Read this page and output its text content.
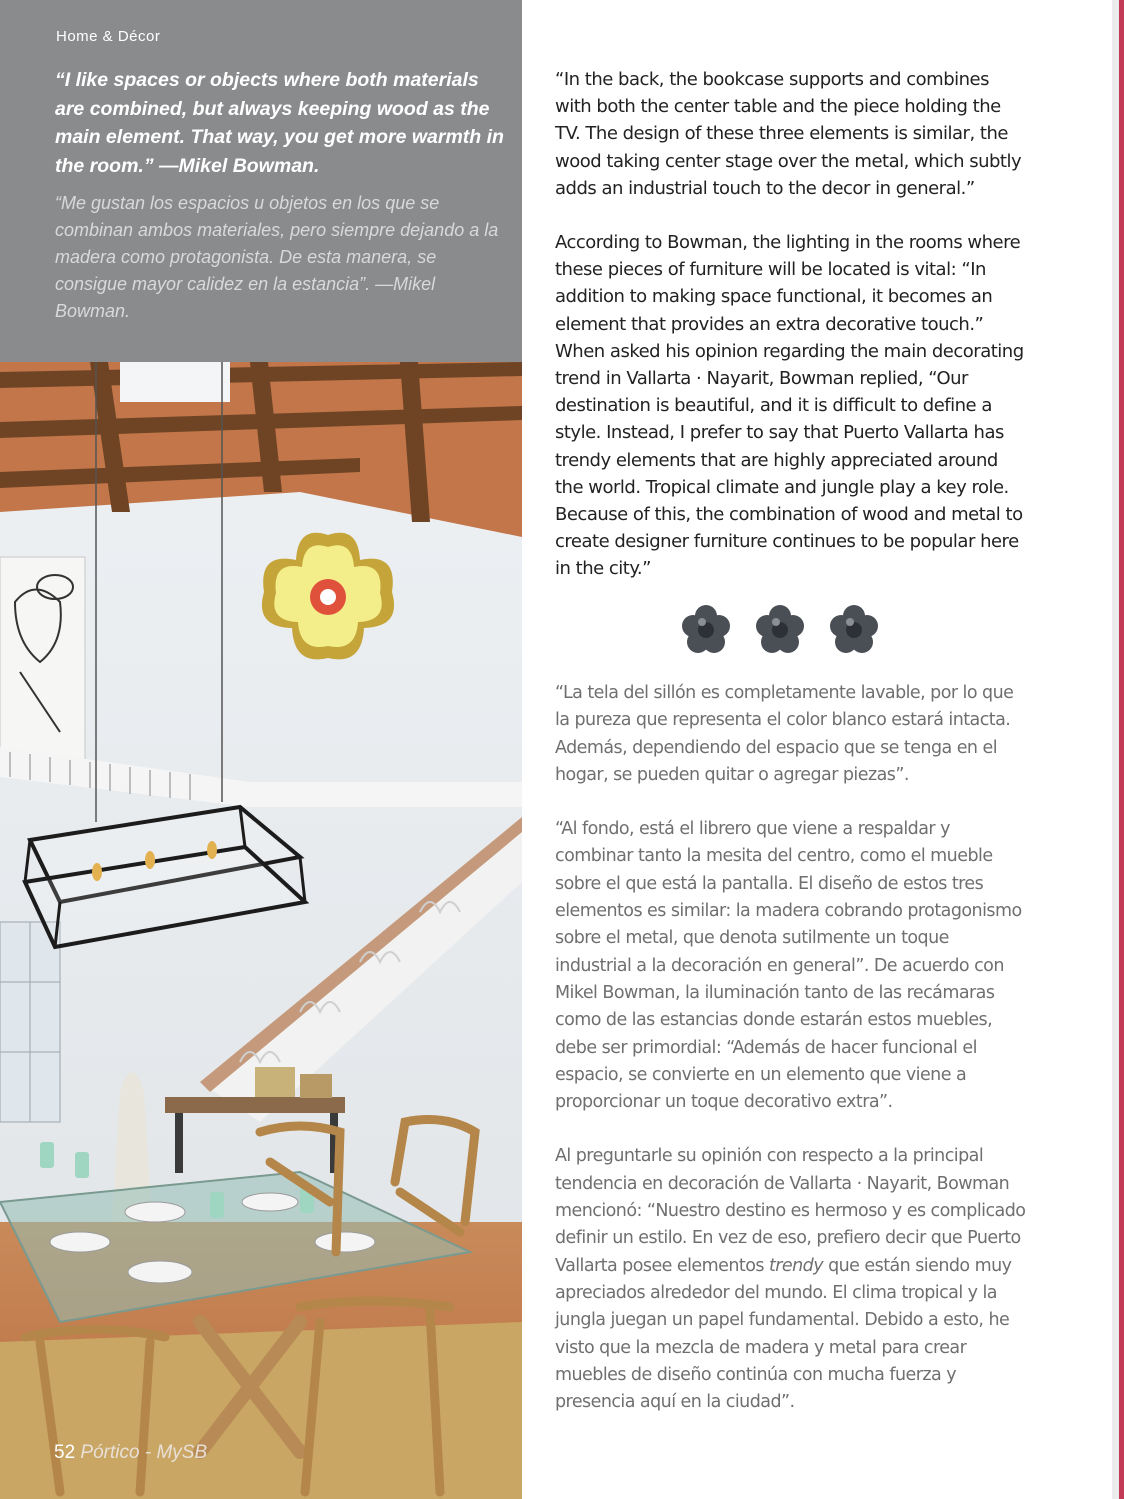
Home & Décor

“I like spaces or objects where both materials are combined, but always keeping wood as the main element. That way, you get more warmth in the room.” —Mikel Bowman.

“Me gustan los espacios u objetos en los que se combinan ambos materiales, pero siempre dejando a la madera como protagonista. De esta manera, se consigue mayor calidez en la estancia”. —Mikel Bowman.

52 Pórtico - MySB

“In the back, the bookcase supports and combines with both the center table and the piece holding the TV. The design of these three elements is similar, the wood taking center stage over the metal, which subtly adds an industrial touch to the decor in general.”

According to Bowman, the lighting in the rooms where these pieces of furniture will be located is vital: “In addition to making space functional, it becomes an element that provides an extra decorative touch.” When asked his opinion regarding the main decorating trend in Vallarta · Nayarit, Bowman replied, “Our destination is beautiful, and it is difficult to define a style. Instead, I prefer to say that Puerto Vallarta has trendy elements that are highly appreciated around the world. Tropical climate and jungle play a key role. Because of this, the combination of wood and metal to create designer furniture continues to be popular here in the city.”

“La tela del sillón es completamente lavable, por lo que la pureza que representa el color blanco estará intacta. Además, dependiendo del espacio que se tenga en el hogar, se pueden quitar o agregar piezas”.

“Al fondo, está el librero que viene a respaldar y combinar tanto la mesita del centro, como el mueble sobre el que está la pantalla. El diseño de estos tres elementos es similar: la madera cobrando protagonismo sobre el metal, que denota sutilmente un toque industrial a la decoración en general”. De acuerdo con Mikel Bowman, la iluminación tanto de las recámaras como de las estancias donde estarán estos muebles, debe ser primordial: “Además de hacer funcional el espacio, se convierte en un elemento que viene a proporcionar un toque decorativo extra”.

Al preguntarle su opinión con respecto a la principal tendencia en decoración de Vallarta · Nayarit, Bowman mencionó: “Nuestro destino es hermoso y es complicado definir un estilo. En vez de eso, prefiero decir que Puerto Vallarta posee elementos trendy que están siendo muy apreciados alrededor del mundo. El clima tropical y la jungla juegan un papel fundamental. Debido a esto, he visto que la mezcla de madera y metal para crear muebles de diseño continúa con mucha fuerza y presencia aquí en la ciudad”.
